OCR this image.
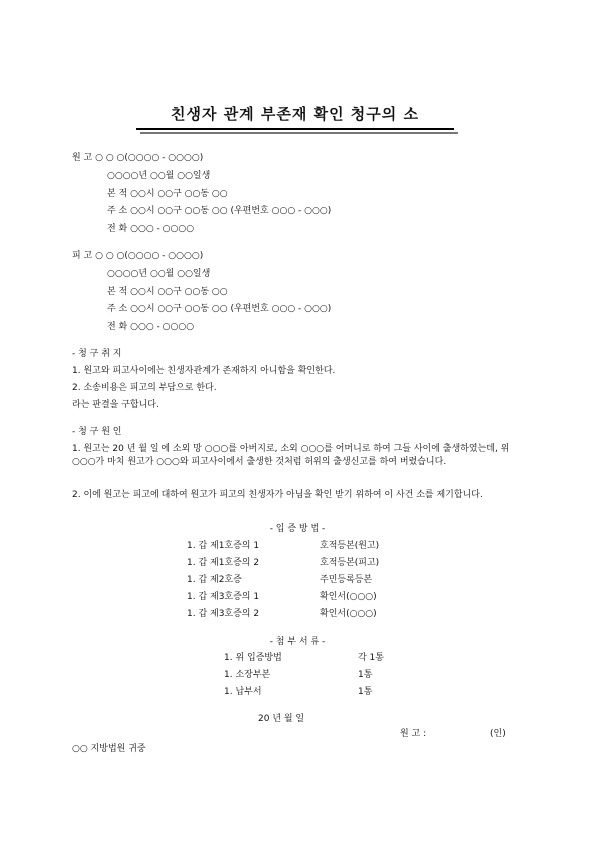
친생자 관계 부존재 확인 청구의 소
원 고 ○ ○ ○(○○○○ - ○○○○)
○○○○년 ○○월 ○○일생
본 적 ○○시 ○○구 ○○동 ○○
주 소 ○○시 ○○구 ○○동 ○○ (우편번호 ○○○ - ○○○)
전 화 ○○○ - ○○○○
피 고 ○ ○ ○(○○○○ - ○○○○)
○○○○년 ○○월 ○○일생
본 적 ○○시 ○○구 ○○동 ○○
주 소 ○○시 ○○구 ○○동 ○○ (우편번호 ○○○ - ○○○)
전 화 ○○○ - ○○○○
- 청 구 취 지
1. 원고와 피고사이에는 친생자관계가 존재하지 아니함을 확인한다.
2. 소송비용은 피고의 부담으로 한다.
라는 판결을 구합니다.
- 청 구 원 인
1. 원고는 20 년 월 일 에 소외 망 ○○○를 아버지로, 소외 ○○○를 어머니로 하여 그들 사이에 출생하였는데, 위 ○○○가 마치 원고가 ○○○와 피고사이에서 출생한 것처럼 허위의 출생신고를 하여 버렸습니다.
2. 이에 원고는 피고에 대하여 원고가 피고의 친생자가 아님을 확인 받기 위하여 이 사건 소를 제기합니다.
- 입 증 방 법 -
1. 갑 제1호증의 1	호적등본(원고)
1. 갑 제1호증의 2	호적등본(피고)
1. 갑 제2호증	주민등록등본
1. 갑 제3호증의 1	확인서(○○○)
1. 갑 제3호증의 2	확인서(○○○)
- 첨 부 서 류 -
1. 위 입증방법	각 1통
1. 소장부본	1통
1. 납부서	1통
20 년 월 일
원 고 :	(인)
○○ 지방법원 귀중
